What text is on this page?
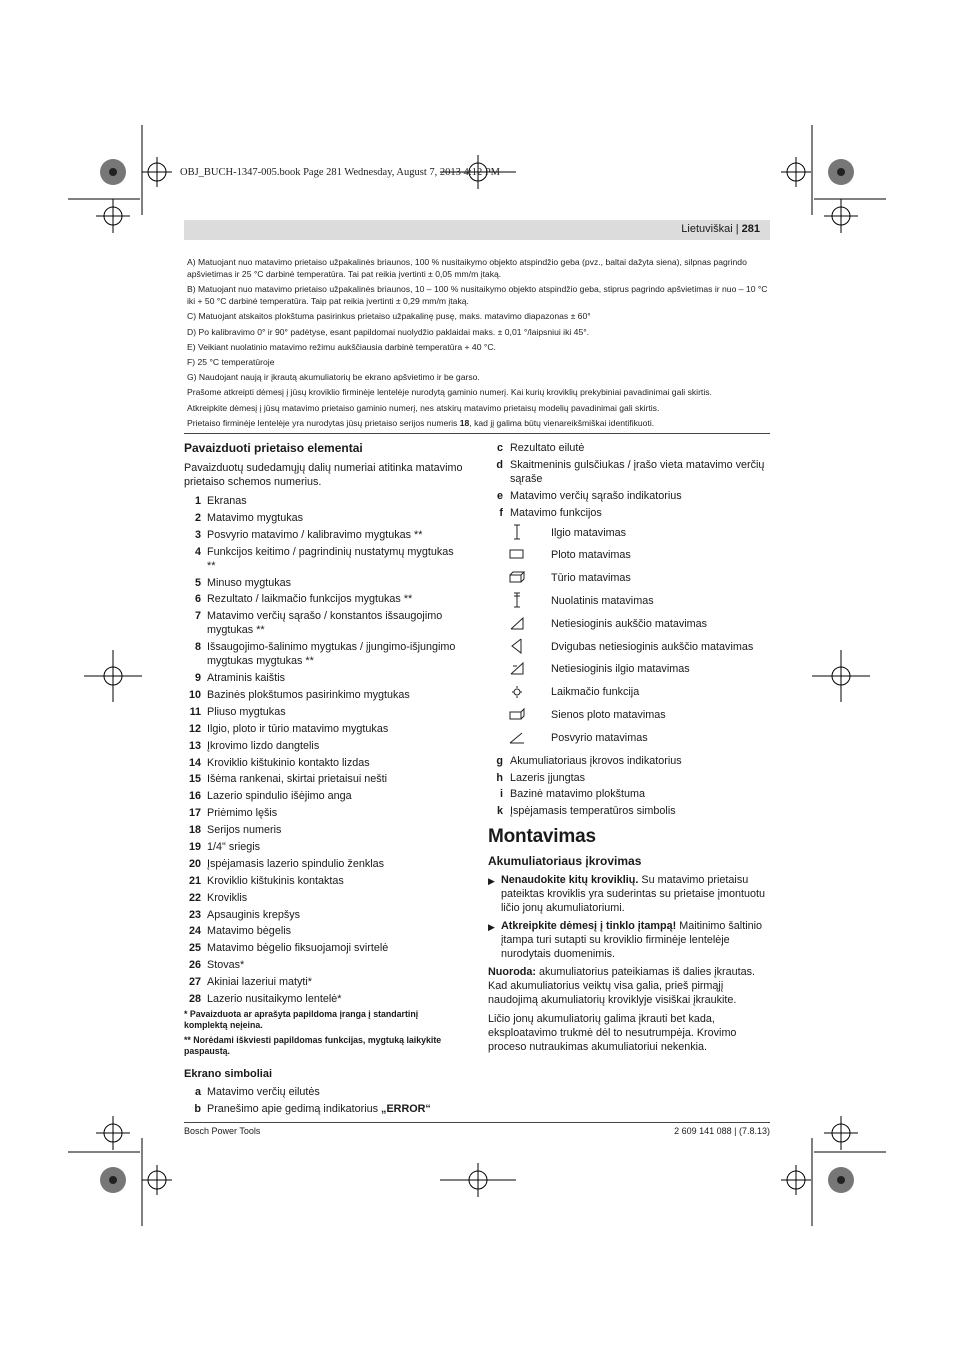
OBJ_BUCH-1347-005.book Page 281 Wednesday, August 7, 2013 4:12 PM
Lietuviškai | 281

A) Matuojant nuo matavimo prietaiso užpakalinės briaunos, 100 % nusitaikymo objekto atspindžio geba (pvz., baltai dažyta siena), silpnas pagrindo apšvietimas ir 25 °C darbinė temperatūra. Tai pat reikia įvertinti ± 0,05 mm/m įtaką.

B) Matuojant nuo matavimo prietaiso užpakalinės briaunos, 10 – 100 % nusitaikymo objekto atspindžio geba, stiprus pagrindo apšvietimas ir nuo – 10 °C iki + 50 °C darbinė temperatūra. Taip pat reikia įvertinti ± 0,29 mm/m įtaką.

C) Matuojant atskaitos plokštuma pasirinkus prietaiso užpakalinę pusę, maks. matavimo diapazonas ± 60°

D) Po kalibravimo 0° ir 90° padėtyse, esant papildomai nuolydžio paklaidai maks. ± 0,01 °/laipsniui iki 45°.

E) Veikiant nuolatinio matavimo režimu aukščiausia darbinė temperatūra + 40 °C.

F) 25 °C temperatūroje

G) Naudojant naują ir įkrautą akumuliatorių be ekrano apšvietimo ir be garso.

Prašome atkreipti dėmesį į jūsų kroviklio firminėje lentelėje nurodytą gaminio numerį. Kai kurių kroviklių prekybiniai pavadinimai gali skirtis.

Atkreipkite dėmesį į jūsų matavimo prietaiso gaminio numerį, nes atskirų matavimo prietaisų modelių pavadinimai gali skirtis.

Prietaiso firminėje lentelėje yra nurodytas jūsų prietaiso serijos numeris 18, kad jį galima būtų vienareikšmiškai identifikuoti.

Pavaizduoti prietaiso elementai
Pavaizduotų sudedamųjų dalių numeriai atitinka matavimo prietaiso schemos numerius.
1 Ekranas
2 Matavimo mygtukas
3 Posvyrio matavimo / kalibravimo mygtukas **
4 Funkcijos keitimo / pagrindinių nustatymų mygtukas **
5 Minuso mygtukas
6 Rezultato / laikmačio funkcijos mygtukas **
7 Matavimo verčių sąrašo / konstantos išsaugojimo mygtukas **
8 Išsaugojimo-šalinimo mygtukas / įjungimo-išjungimo mygtukas mygtukas **
9 Atraminis kaištis
10 Bazinės plokštumos pasirinkimo mygtukas
11 Pliuso mygtukas
12 Ilgio, ploto ir tūrio matavimo mygtukas
13 Įkrovimo lizdo dangtelis
14 Kroviklio kištukinio kontakto lizdas
15 Išėma rankenai, skirtai prietaisui nešti
16 Lazerio spindulio išėjimo anga
17 Priėmimo lęšis
18 Serijos numeris
19 1/4" sriegis
20 Įspėjamasis lazerio spindulio ženklas
21 Kroviklio kištukinis kontaktas
22 Kroviklis
23 Apsauginis krepšys
24 Matavimo bėgelis
25 Matavimo bėgelio fiksuojamoji svirtelė
26 Stovas*
27 Akiniai lazeriui matyti*
28 Lazerio nusitaikymo lentelė*
* Pavaizduota ar aprašyta papildoma įranga į standartinį komplektą neįeina.
** Norėdami iškviesti papildomas funkcijas, mygtuką laikykite paspaustą.
Ekrano simboliai
a Matavimo verčių eilutės
b Pranešimo apie gedimą indikatorius „ERROR“
c Rezultato eilutė
d Skaitmeninis gulsčiukas / įrašo vieta matavimo verčių sąraše
e Matavimo verčių sąrašo indikatorius
f Matavimo funkcijos
Ilgio matavimas
Ploto matavimas
Tūrio matavimas
Nuolatinis matavimas
Netiesioginis aukščio matavimas
Dvigubas netiesioginis aukščio matavimas
Netiesioginis ilgio matavimas
Laikmačio funkcija
Sienos ploto matavimas
Posvyrio matavimas
g Akumuliatoriaus įkrovos indikatorius
h Lazeris įjungtas
i Bazinė matavimo plokštuma
k Įspėjamasis temperatūros simbolis
Montavimas
Akumuliatoriaus įkrovimas
▶ Nenaudokite kitų kroviklių. Su matavimo prietaisu pateiktas kroviklis yra suderintas su prietaise įmontuotu ličio jonų akumuliatoriumi.
▶ Atkreipkite dėmesį į tinklo įtampą! Maitinimo šaltinio įtampa turi sutapti su kroviklio firminėje lentelėje nurodytais duomenimis.
Nuoroda: akumuliatorius pateikiamas iš dalies įkrautas. Kad akumuliatorius veiktų visa galia, prieš pirmąjį naudojimą akumuliatorių kroviklyje visiškai įkraukite.
Ličio jonų akumuliatorių galima įkrauti bet kada, eksploatavimo trukmė dėl to nesutrumpėja. Krovimo proceso nutraukimas akumuliatoriui nekenkia.
Bosch Power Tools	2 609 141 088 | (7.8.13)
